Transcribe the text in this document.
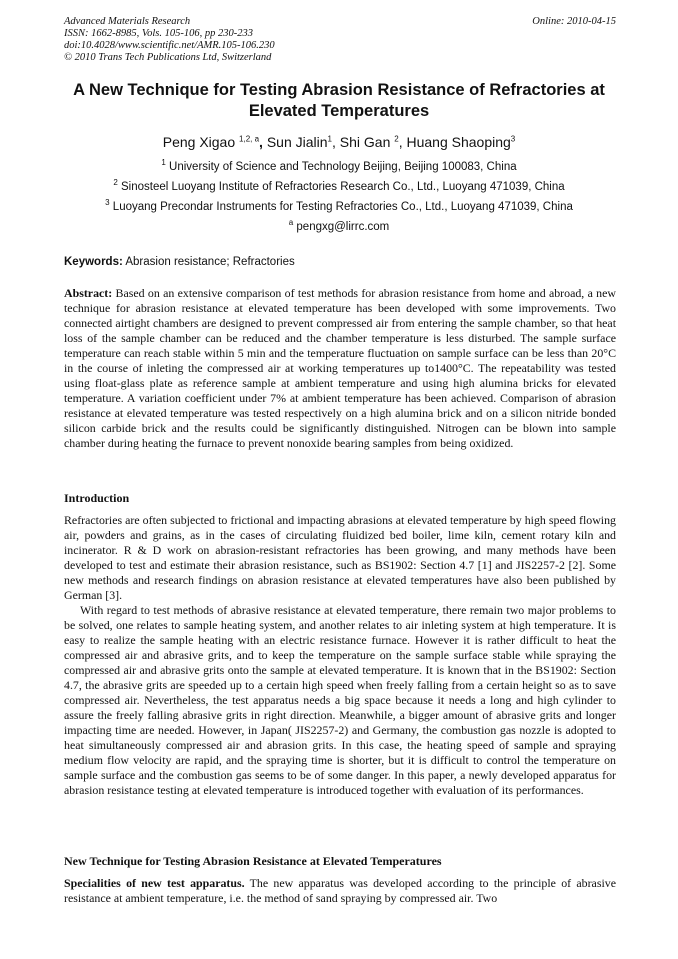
Advanced Materials Research
ISSN: 1662-8985, Vols. 105-106, pp 230-233
doi:10.4028/www.scientific.net/AMR.105-106.230
© 2010 Trans Tech Publications Ltd, Switzerland
Online: 2010-04-15
A New Technique for Testing Abrasion Resistance of Refractories at Elevated Temperatures
Peng Xigao $^{1,2, a}$, Sun Jialin$^1$, Shi Gan $^2$, Huang Shaoping$^3$
$^1$ University of Science and Technology Beijing, Beijing 100083, China
$^2$ Sinosteel Luoyang Institute of Refractories Research Co., Ltd., Luoyang 471039, China
$^3$ Luoyang Precondar Instruments for Testing Refractories Co., Ltd., Luoyang 471039, China
$^a$ pengxg@lirrc.com
Keywords: Abrasion resistance; Refractories

Abstract: Based on an extensive comparison of test methods for abrasion resistance from home and abroad, a new technique for abrasion resistance at elevated temperature has been developed with some improvements. Two connected airtight chambers are designed to prevent compressed air from entering the sample chamber, so that heat loss of the sample chamber can be reduced and the chamber temperature is less disturbed. The sample surface temperature can reach stable within 5 min and the temperature fluctuation on sample surface can be less than 20°C in the course of inleting the compressed air at working temperatures up to1400°C. The repeatability was tested using float-glass plate as reference sample at ambient temperature and using high alumina bricks for elevated temperature. A variation coefficient under 7% at ambient temperature has been achieved. Comparison of abrasion resistance at elevated temperature was tested respectively on a high alumina brick and on a silicon nitride bonded silicon carbide brick and the results could be significantly distinguished. Nitrogen can be blown into sample chamber during heating the furnace to prevent nonoxide bearing samples from being oxidized.

Introduction

Refractories are often subjected to frictional and impacting abrasions at elevated temperature by high speed flowing air, powders and grains, as in the cases of circulating fluidized bed boiler, lime kiln, cement rotary kiln and incinerator. R & D work on abrasion-resistant refractories has been growing, and many methods have been developed to test and estimate their abrasion resistance, such as BS1902: Section 4.7 [1] and JIS2257-2 [2]. Some new methods and research findings on abrasion resistance at elevated temperatures have also been published by German [3].

With regard to test methods of abrasive resistance at elevated temperature, there remain two major problems to be solved, one relates to sample heating system, and another relates to air inleting system at high temperature. It is easy to realize the sample heating with an electric resistance furnace. However it is rather difficult to heat the compressed air and abrasive grits, and to keep the temperature on the sample surface stable while spraying the compressed air and abrasive grits onto the sample at elevated temperature. It is known that in the BS1902: Section 4.7, the abrasive grits are speeded up to a certain high speed when freely falling from a certain height so as to save compressed air. Nevertheless, the test apparatus needs a big space because it needs a long and high cylinder to assure the freely falling abrasive grits in right direction. Meanwhile, a bigger amount of abrasive grits and longer impacting time are needed. However, in Japan( JIS2257-2) and Germany, the combustion gas nozzle is adopted to heat simultaneously compressed air and abrasion grits. In this case, the heating speed of sample and spraying medium flow velocity are rapid, and the spraying time is shorter, but it is difficult to control the temperature on sample surface and the combustion gas seems to be of some danger. In this paper, a newly developed apparatus for abrasion resistance testing at elevated temperature is introduced together with evaluation of its performances.

New Technique for Testing Abrasion Resistance at Elevated Temperatures

Specialities of new test apparatus. The new apparatus was developed according to the principle of abrasive resistance at ambient temperature, i.e. the method of sand spraying by compressed air. Two
